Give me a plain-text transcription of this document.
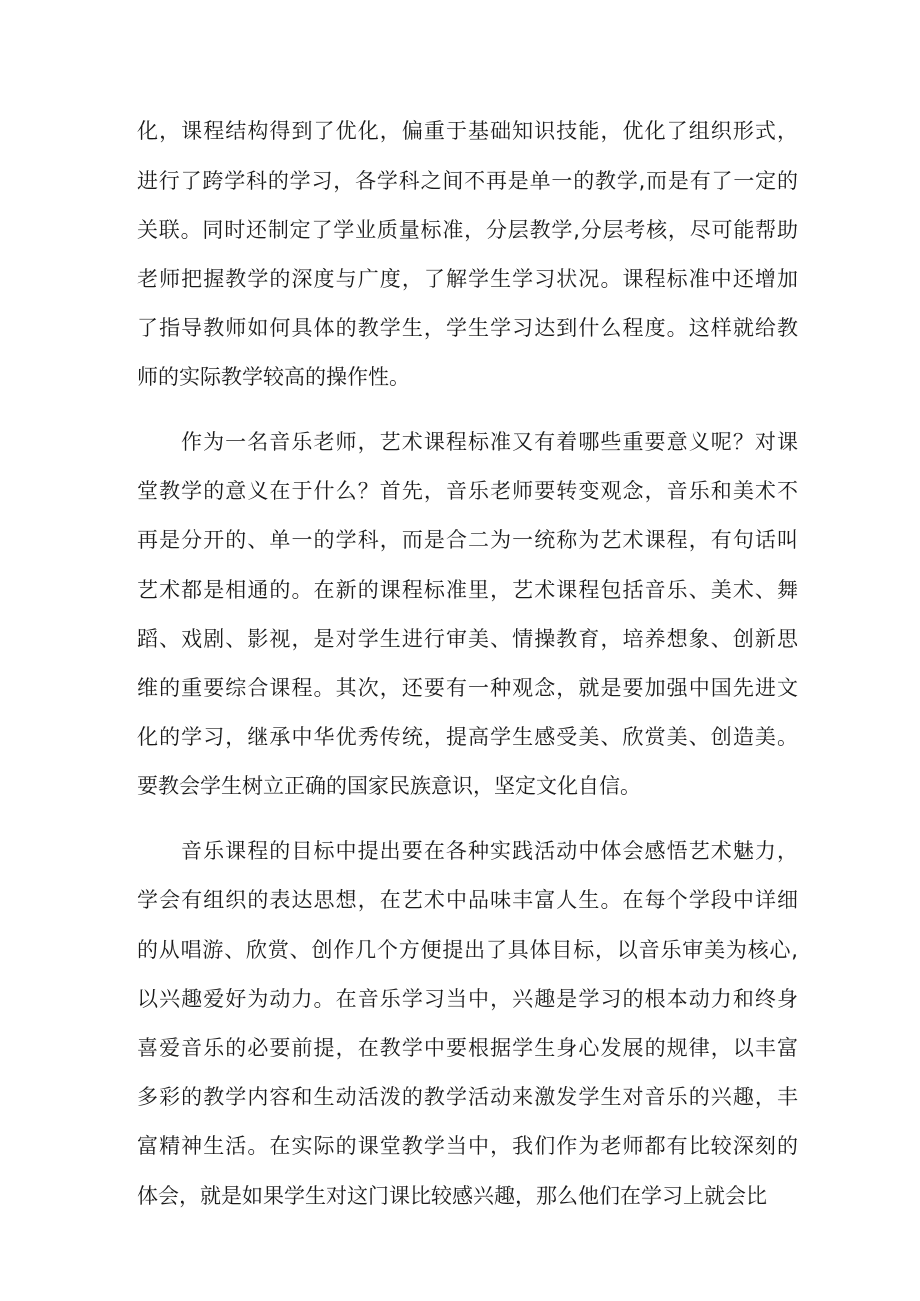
化，课程结构得到了优化，偏重于基础知识技能，优化了组织形式，
进行了跨学科的学习，各学科之间不再是单一的教学,而是有了一定的
关联。同时还制定了学业质量标准，分层教学,分层考核，尽可能帮助
老师把握教学的深度与广度，了解学生学习状况。课程标准中还增加
了指导教师如何具体的教学生，学生学习达到什么程度。这样就给教
师的实际教学较高的操作性。
作为一名音乐老师，艺术课程标准又有着哪些重要意义呢？对课
堂教学的意义在于什么？首先，音乐老师要转变观念，音乐和美术不
再是分开的、单一的学科，而是合二为一统称为艺术课程，有句话叫
艺术都是相通的。在新的课程标准里，艺术课程包括音乐、美术、舞
蹈、戏剧、影视，是对学生进行审美、情操教育，培养想象、创新思
维的重要综合课程。其次，还要有一种观念，就是要加强中国先进文
化的学习，继承中华优秀传统，提高学生感受美、欣赏美、创造美。
要教会学生树立正确的国家民族意识，坚定文化自信。
音乐课程的目标中提出要在各种实践活动中体会感悟艺术魅力，
学会有组织的表达思想，在艺术中品味丰富人生。在每个学段中详细
的从唱游、欣赏、创作几个方便提出了具体目标，以音乐审美为核心,
以兴趣爱好为动力。在音乐学习当中，兴趣是学习的根本动力和终身
喜爱音乐的必要前提，在教学中要根据学生身心发展的规律，以丰富
多彩的教学内容和生动活泼的教学活动来激发学生对音乐的兴趣，丰
富精神生活。在实际的课堂教学当中，我们作为老师都有比较深刻的
体会，就是如果学生对这门课比较感兴趣，那么他们在学习上就会比
